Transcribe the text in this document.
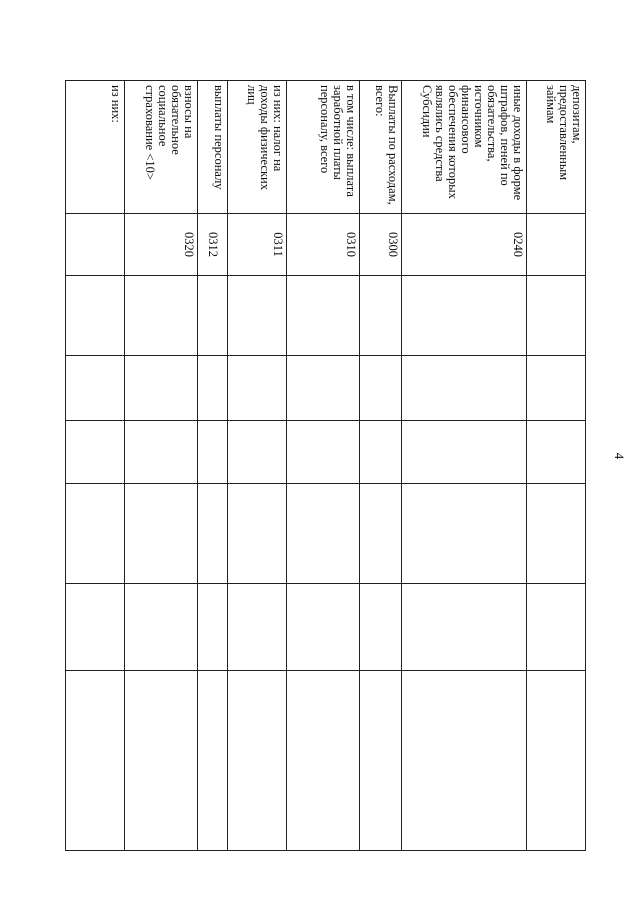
4
депозитам, предоставленным займам							
иные доходы в форме штрафов, пеней по обязательства, источником финансового обеспечения которых являлись средства Субсидии	0240						
Выплаты по расходам, всего:	0300						
в том числе: выплата заработной платы персоналу, всего	0310						
из них: налог на доходы физических лиц	0311						
выплаты персоналу	0312						
взносы на обязательное социальное страхование <10>	0320						
из них:							
